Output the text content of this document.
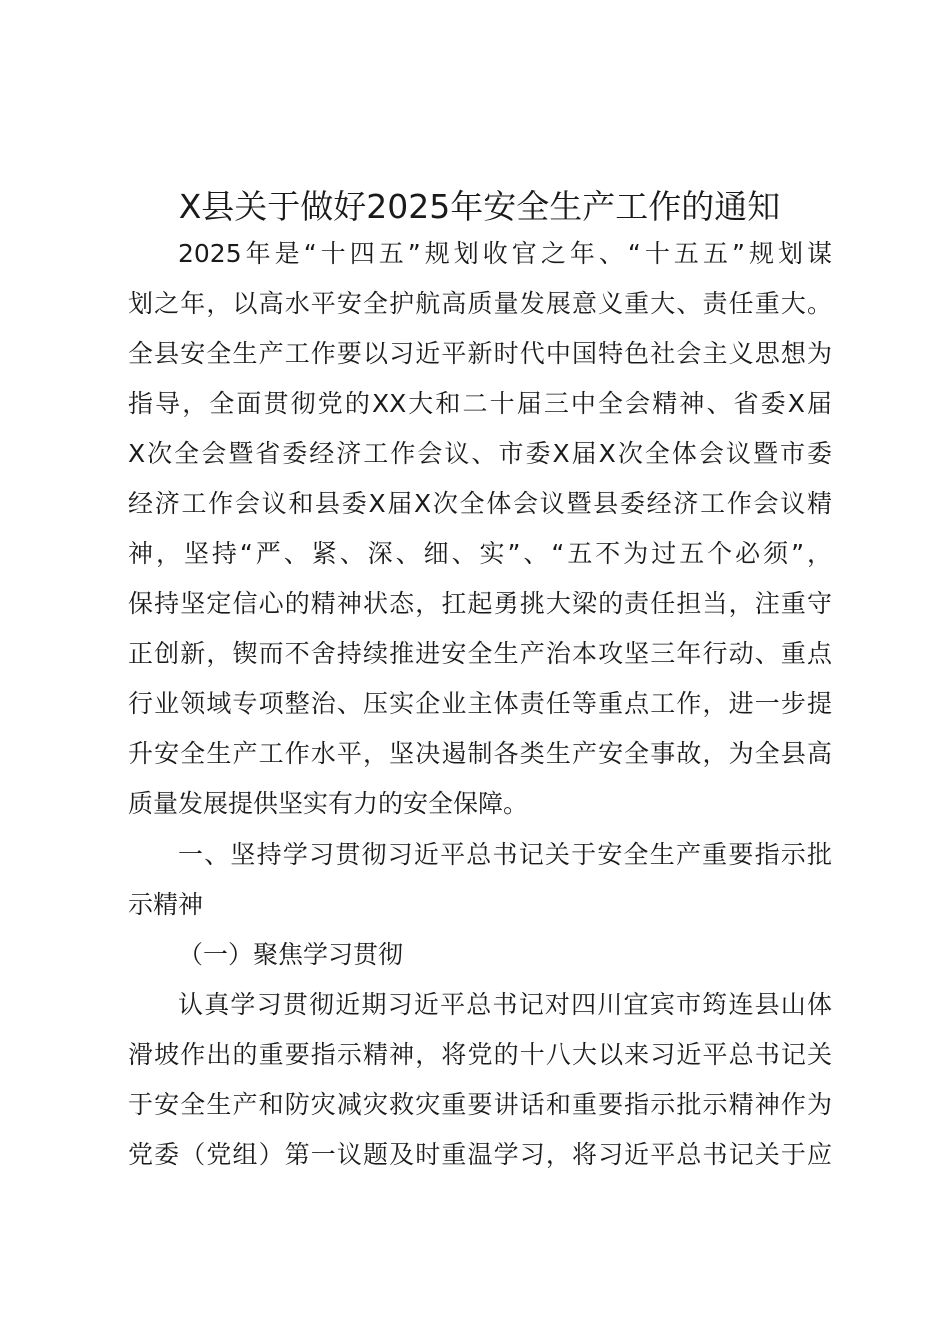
X县关于做好2025年安全生产工作的通知
2025年是“十四五”规划收官之年、“十五五”规划谋
划之年，以高水平安全护航高质量发展意义重大、责任重大。
全县安全生产工作要以习近平新时代中国特色社会主义思想为
指导，全面贯彻党的XX大和二十届三中全会精神、省委X届
X次全会暨省委经济工作会议、市委X届X次全体会议暨市委
经济工作会议和县委X届X次全体会议暨县委经济工作会议精
神，坚持“严、紧、深、细、实”、“五不为过五个必须”，
保持坚定信心的精神状态，扛起勇挑大梁的责任担当，注重守
正创新，锲而不舍持续推进安全生产治本攻坚三年行动、重点
行业领域专项整治、压实企业主体责任等重点工作，进一步提
升安全生产工作水平，坚决遏制各类生产安全事故，为全县高
质量发展提供坚实有力的安全保障。
一、坚持学习贯彻习近平总书记关于安全生产重要指示批
示精神
（一）聚焦学习贯彻
认真学习贯彻近期习近平总书记对四川宜宾市筠连县山体
滑坡作出的重要指示精神，将党的十八大以来习近平总书记关
于安全生产和防灾减灾救灾重要讲话和重要指示批示精神作为
党委（党组）第一议题及时重温学习，将习近平总书记关于应
